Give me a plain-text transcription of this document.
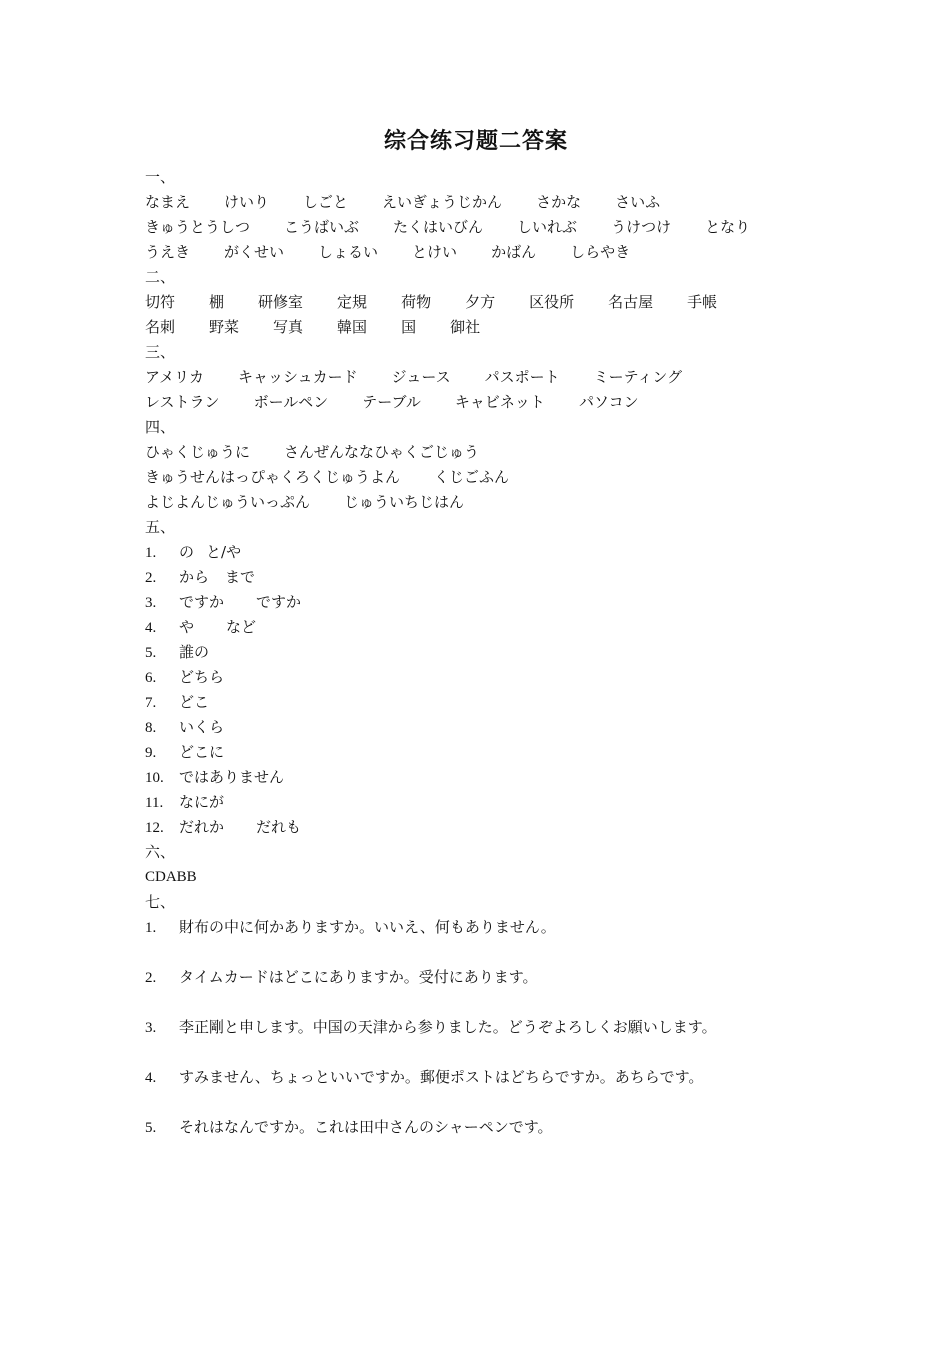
综合练习题二答案
一、
なまえ けいり しごと えいぎょうじかん さかな さいふ
きゅうとうしつ こうばいぶ たくはいびん しいれぶ うけつけ となり
うえき がくせい しょるい とけい かばん しらやき
二、
切符 棚 研修室 定規 荷物 夕方 区役所 名古屋 手帳
名刺 野菜 写真 韓国 国 御社
三、
アメリカ キャッシュカード ジュース パスポート ミーティング
レストラン ボールペン テーブル キャビネット パソコン
四、
ひゃくじゅうに さんぜんななひゃくごじゅう
きゅうせんはっぴゃくろくじゅうよん くじごふん
よじよんじゅういっぷん じゅういちじはん
五、
1. の と/や
2. から まで
3. ですか ですか
4. や など
5. 誰の
6. どちら
7. どこ
8. いくら
9. どこに
10. ではありません
11. なにが
12. だれか だれも
六、
CDABB
七、
1. 財布の中に何かありますか。いいえ、何もありません。
2. タイムカードはどこにありますか。受付にあります。
3. 李正剛と申します。中国の天津から参りました。どうぞよろしくお願いします。
4. すみません、ちょっといいですか。郵便ポストはどちらですか。あちらです。
5. それはなんですか。これは田中さんのシャーペンです。
